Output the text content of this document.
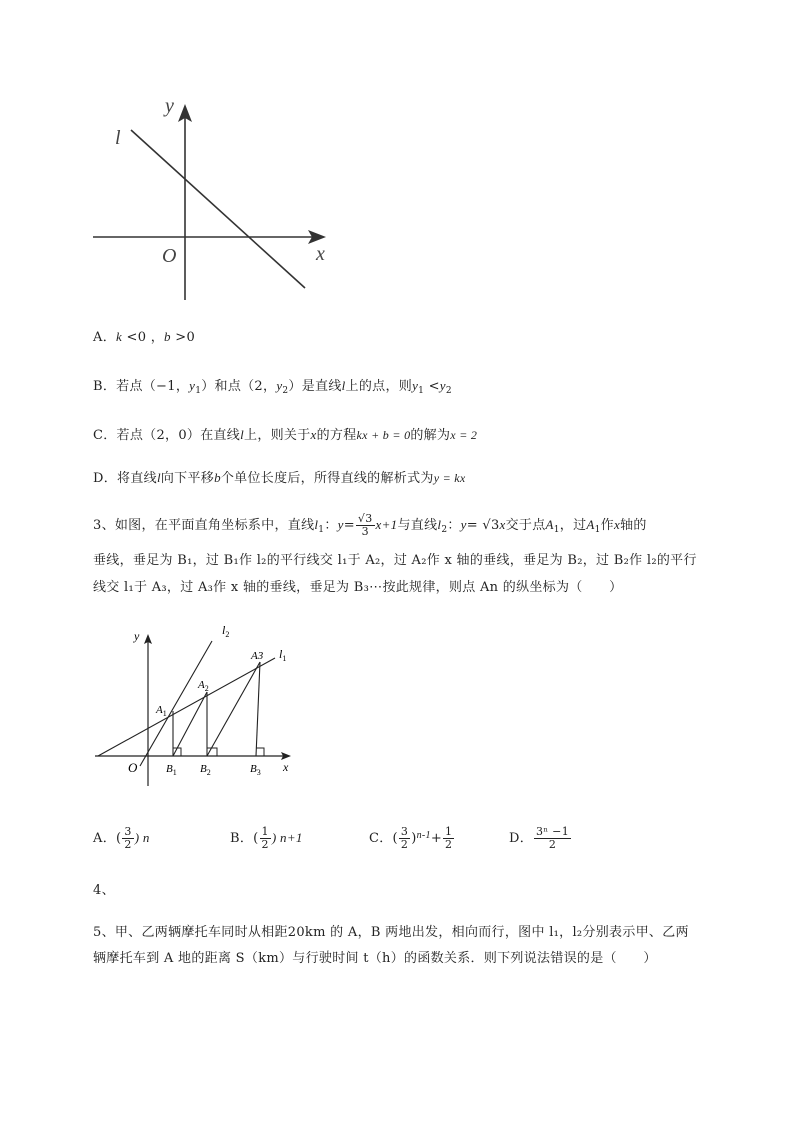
y
x
O
l
A．k <0 ，b >0
B．若点（−1，$y_1$）和点（2，$y_2$）是直线l上的点，则$y_1 <y_2$
C．若点（2，0）在直线l上，则关于x的方程kx + b = 0的解为x = 2
D．将直线l向下平移b个单位长度后，所得直线的解析式为y = kx
3、如图，在平面直角坐标系中，直线$l_1$：$y= \frac{√3}{3} x+1$与直线$l_2$：y= √3x交于点$A_1$，过$A_1$作x轴的
垂线，垂足为 B₁，过 B₁作 l₂的平行线交 l₁于 A₂，过 A₂作 x 轴的垂线，垂足为 B₂，过 B₂作 l₂的平行
线交 l₁于 A₃，过 A₃作 x 轴的垂线，垂足为 B₃⋯按此规律，则点 An 的纵坐标为（　　）
y
x
O
$l_2$
$l_1$
$A_1$
$A_2$
A3
$B_1$ $B_2$	$B_3$
A．( $\frac{3}{2}$ ) n	B．( $\frac{1}{2}$ ) n+1	C．( $\frac{3}{2} )^{n-1}+ \frac{1}{2}$	D． $\frac{\text{3ⁿ −1}}{2}$
4、
5、甲、乙两辆摩托车同时从相距20km 的 A，B 两地出发，相向而行，图中 l₁，l₂分别表示甲、乙两
辆摩托车到 A 地的距离 S（km）与行驶时间 t（h）的函数关系．则下列说法错误的是（　　）
